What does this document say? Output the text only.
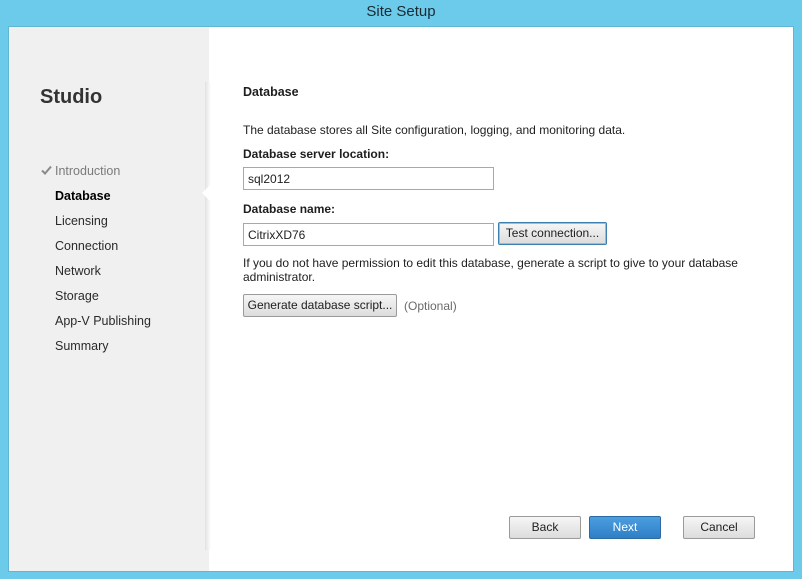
Site Setup
Studio
Introduction
Database
Licensing
Connection
Network
Storage
App-V Publishing
Summary
Database
The database stores all Site configuration, logging, and monitoring data.
Database server location:
sql2012
Database name:
CitrixXD76
Test connection...
If you do not have permission to edit this database, generate a script to give to your database administrator.
Generate database script... (Optional)
Back	Next	Cancel
